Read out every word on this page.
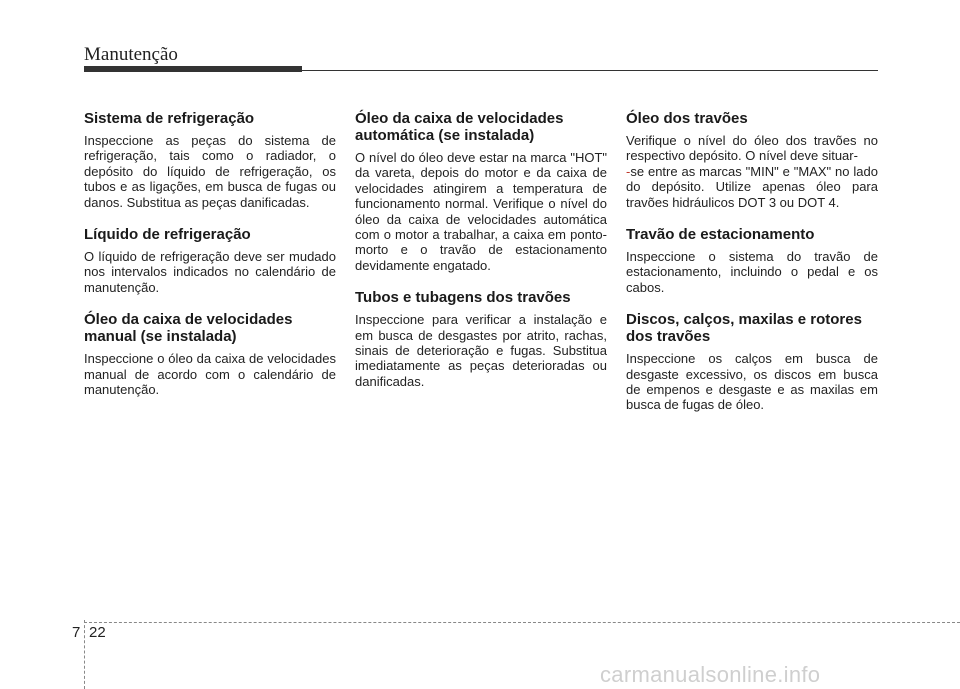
Manutenção
Sistema de refrigeração

Inspeccione as peças do sistema de refrigeração, tais como o radiador, o depósito do líquido de refrigeração, os tubos e as ligações, em busca de fugas ou danos. Substitua as peças danificadas.

Líquido de refrigeração

O líquido de refrigeração deve ser mudado nos intervalos indicados no calendário de manutenção.

Óleo da caixa de velocidades manual (se instalada)

Inspeccione o óleo da caixa de velocidades manual de acordo com o calendário de manutenção.

Óleo da caixa de velocidades automática (se instalada)

O nível do óleo deve estar na marca "HOT" da vareta, depois do motor e da caixa de velocidades atingirem a temperatura de funcionamento normal. Verifique o nível do óleo da caixa de velocidades automática com o motor a trabalhar, a caixa em ponto-morto e o travão de estacionamento devidamente engatado.

Tubos e tubagens dos travões

Inspeccione para verificar a instalação e em busca de desgastes por atrito, rachas, sinais de deterioração e fugas. Substitua imediatamente as peças deterioradas ou danificadas.

Óleo dos travões

Verifique o nível do óleo dos travões no respectivo depósito. O nível deve situar-
-se entre as marcas "MIN" e "MAX" no lado do depósito. Utilize apenas óleo para travões hidráulicos DOT 3 ou DOT 4.

Travão de estacionamento

Inspeccione o sistema do travão de estacionamento, incluindo o pedal e os cabos.

Discos, calços, maxilas e rotores dos travões

Inspeccione os calços em busca de desgaste excessivo, os discos em busca de empenos e desgaste e as maxilas em busca de fugas de óleo.

7 22
carmanualsonline.info
